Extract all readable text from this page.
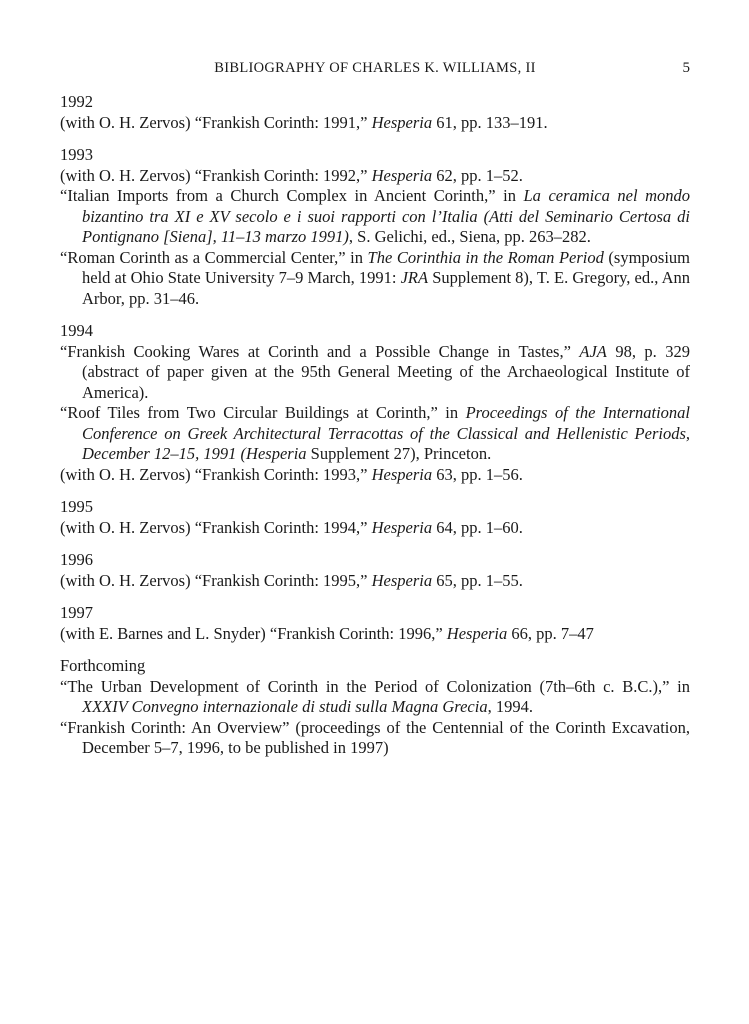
BIBLIOGRAPHY OF CHARLES K. WILLIAMS, II	5
1992
(with O. H. Zervos) “Frankish Corinth: 1991,” Hesperia 61, pp. 133–191.
1993
(with O. H. Zervos) “Frankish Corinth: 1992,” Hesperia 62, pp. 1–52.
“Italian Imports from a Church Complex in Ancient Corinth,” in La ceramica nel mondo bizantino tra XI e XV secolo e i suoi rapporti con l’Italia (Atti del Seminario Certosa di Pontignano [Siena], 11–13 marzo 1991), S. Gelichi, ed., Siena, pp. 263–282.
“Roman Corinth as a Commercial Center,” in The Corinthia in the Roman Period (symposium held at Ohio State University 7–9 March, 1991: JRA Supplement 8), T. E. Gregory, ed., Ann Arbor, pp. 31–46.
1994
“Frankish Cooking Wares at Corinth and a Possible Change in Tastes,” AJA 98, p. 329 (abstract of paper given at the 95th General Meeting of the Archaeological Institute of America).
“Roof Tiles from Two Circular Buildings at Corinth,” in Proceedings of the International Conference on Greek Architectural Terracottas of the Classical and Hellenistic Periods, December 12–15, 1991 (Hesperia Supplement 27), Princeton.
(with O. H. Zervos) “Frankish Corinth: 1993,” Hesperia 63, pp. 1–56.
1995
(with O. H. Zervos) “Frankish Corinth: 1994,” Hesperia 64, pp. 1–60.
1996
(with O. H. Zervos) “Frankish Corinth: 1995,” Hesperia 65, pp. 1–55.
1997
(with E. Barnes and L. Snyder) “Frankish Corinth: 1996,” Hesperia 66, pp. 7–47
Forthcoming
“The Urban Development of Corinth in the Period of Colonization (7th–6th c. B.C.),” in XXXIV Convegno internazionale di studi sulla Magna Grecia, 1994.
“Frankish Corinth: An Overview” (proceedings of the Centennial of the Corinth Excavation, December 5–7, 1996, to be published in 1997)
